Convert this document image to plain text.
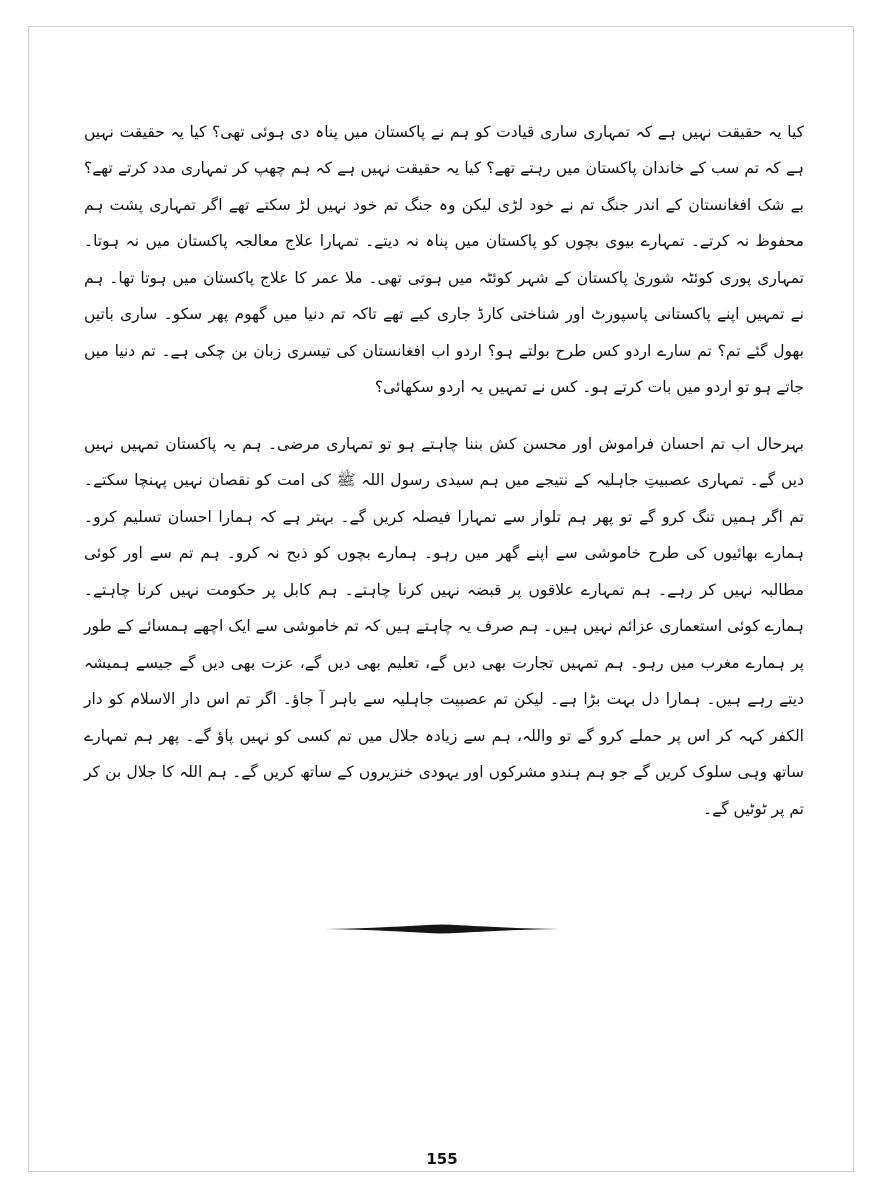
کیا یہ حقیقت نہیں ہے کہ تمہاری ساری قیادت کو ہم نے پاکستان میں پناہ دی ہوئی تھی؟ کیا یہ حقیقت نہیں ہے کہ تم سب کے خاندان پاکستان میں رہتے تھے؟ کیا یہ حقیقت نہیں ہے کہ ہم چھپ کر تمہاری مدد کرتے تھے؟ بے شک افغانستان کے اندر جنگ تم نے خود لڑی لیکن وہ جنگ تم خود نہیں لڑ سکتے تھے اگر تمہاری پشت ہم محفوظ نہ کرتے۔ تمہارے بیوی بچوں کو پاکستان میں پناہ نہ دیتے۔ تمہارا علاج معالجہ پاکستان میں نہ ہوتا۔ تمہاری پوری کوئٹہ شوریٰ پاکستان کے شہر کوئٹہ میں ہوتی تھی۔ ملا عمر کا علاج پاکستان میں ہوتا تھا۔ ہم نے تمہیں اپنے پاکستانی پاسپورٹ اور شناختی کارڈ جاری کیے تھے تاکہ تم دنیا میں گھوم پھر سکو۔ ساری باتیں بھول گئے تم؟ تم سارے اردو کس طرح بولتے ہو؟ اردو اب افغانستان کی تیسری زبان بن چکی ہے۔ تم دنیا میں جاتے ہو تو اردو میں بات کرتے ہو۔ کس نے تمہیں یہ اردو سکھائی؟

بہرحال اب تم احسان فراموش اور محسن کش بننا چاہتے ہو تو تمہاری مرضی۔ ہم یہ پاکستان تمہیں نہیں دیں گے۔ تمہاری عصبیتِ جاہلیہ کے نتیجے میں ہم سیدی رسول اللہ ﷺ کی امت کو نقصان نہیں پہنچا سکتے۔ تم اگر ہمیں تنگ کرو گے تو پھر ہم تلوار سے تمہارا فیصلہ کریں گے۔ بہتر ہے کہ ہمارا احسان تسلیم کرو۔ ہمارے بھائیوں کی طرح خاموشی سے اپنے گھر میں رہو۔ ہمارے بچوں کو ذبح نہ کرو۔ ہم تم سے اور کوئی مطالبہ نہیں کر رہے۔ ہم تمہارے علاقوں پر قبضہ نہیں کرنا چاہتے۔ ہم کابل پر حکومت نہیں کرنا چاہتے۔ ہمارے کوئی استعماری عزائم نہیں ہیں۔ ہم صرف یہ چاہتے ہیں کہ تم خاموشی سے ایک اچھے ہمسائے کے طور پر ہمارے مغرب میں رہو۔ ہم تمہیں تجارت بھی دیں گے، تعلیم بھی دیں گے، عزت بھی دیں گے جیسے ہمیشہ دیتے رہے ہیں۔ ہمارا دل بہت بڑا ہے۔ لیکن تم عصبیت جاہلیہ سے باہر آ جاؤ۔ اگر تم اس دار الاسلام کو دار الکفر کہہ کر اس پر حملے کرو گے تو واللہ، ہم سے زیادہ جلال میں تم کسی کو نہیں پاؤ گے۔ پھر ہم تمہارے ساتھ وہی سلوک کریں گے جو ہم ہندو مشرکوں اور یہودی خنزیروں کے ساتھ کریں گے۔ ہم اللہ کا جلال بن کر تم پر ٹوٹیں گے۔

155
